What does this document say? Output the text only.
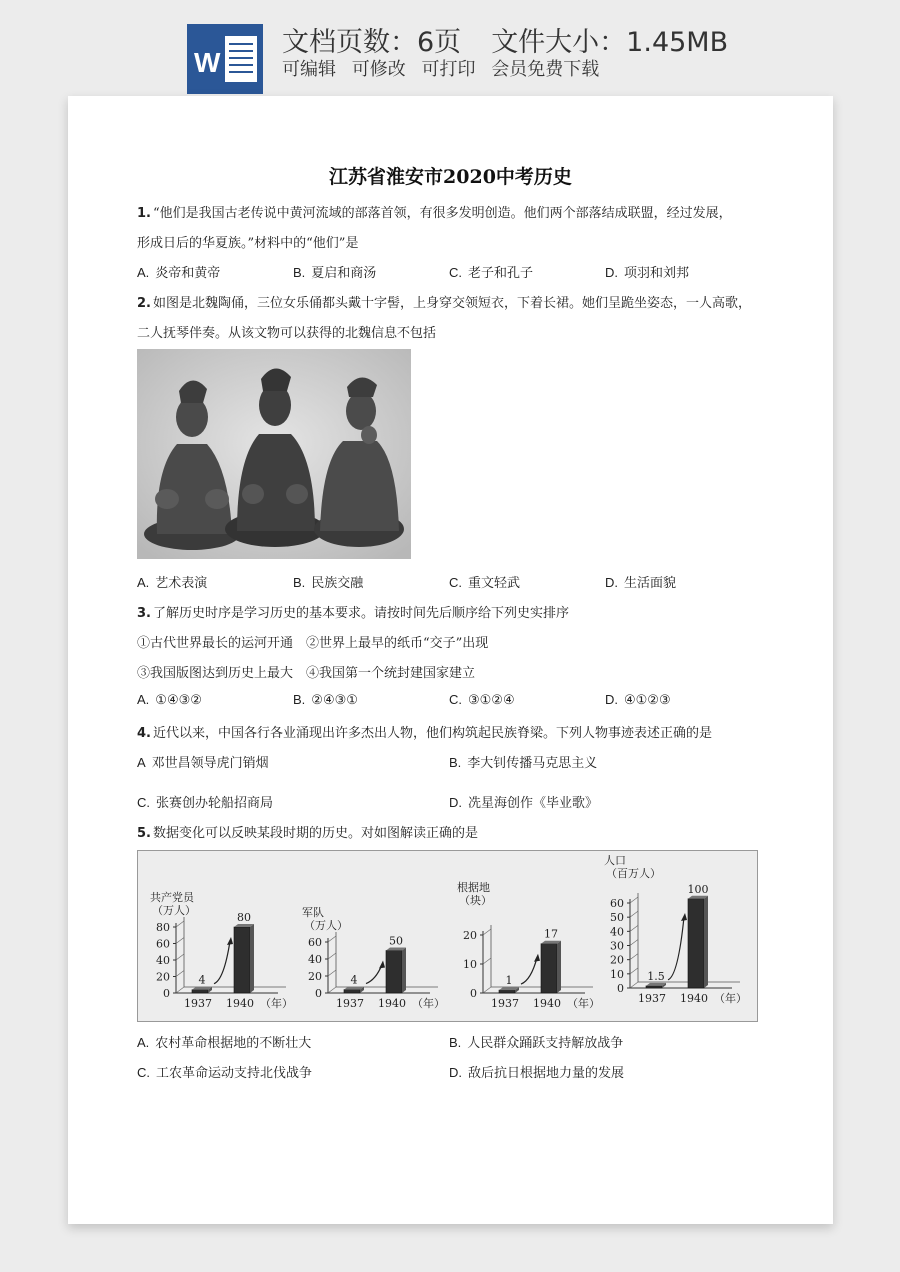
W
文档页数：6页 文件大小：1.45MB
可编辑 可修改 可打印 会员免费下载
江苏省淮安市2020中考历史
1. “他们是我国古老传说中黄河流域的部落首领，有很多发明创造。他们两个部落结成联盟，经过发展，
形成日后的华夏族。”材料中的“他们”是
A. 炎帝和黄帝	B. 夏启和商汤	C. 老子和孔子	D. 项羽和刘邦
2. 如图是北魏陶俑，三位女乐俑都头戴十字髻，上身穿交领短衣，下着长裙。她们呈跪坐姿态，一人高歌，
二人抚琴伴奏。从该文物可以获得的北魏信息不包括
A. 艺术表演	B. 民族交融	C. 重文轻武	D. 生活面貌
3. 了解历史时序是学习历史的基本要求。请按时间先后顺序给下列史实排序
①古代世界最长的运河开通　②世界上最早的纸币“交子”出现
③我国版图达到历史上最大　④我国第一个统封建国家建立
A. ①④③②	B. ②④③①	C. ③①②④	D. ④①②③
4. 近代以来，中国各行各业涌现出许多杰出人物，他们构筑起民族脊梁。下列人物事迹表述正确的是
A 邓世昌领导虎门销烟	B. 李大钊传播马克思主义
C. 张赛创办轮船招商局	D. 冼星海创作《毕业歌》
5. 数据变化可以反映某段时期的历史。对如图解读正确的是
共产党员
（万人）
0
20
40
60
80
4
1937
80
1940 （年）
军队
（万人）
0
20
40
60
4
1937
50
1940 （年）
根据地
（块）
0
10
20
1
1937
17
1940 （年）
人口
（百万人）
0
10
20
30
40
50
60
1.5
1937
100
1940 （年）
A. 农村革命根据地的不断壮大	B. 人民群众踊跃支持解放战争
C. 工农革命运动支持北伐战争	D. 敌后抗日根据地力量的发展
